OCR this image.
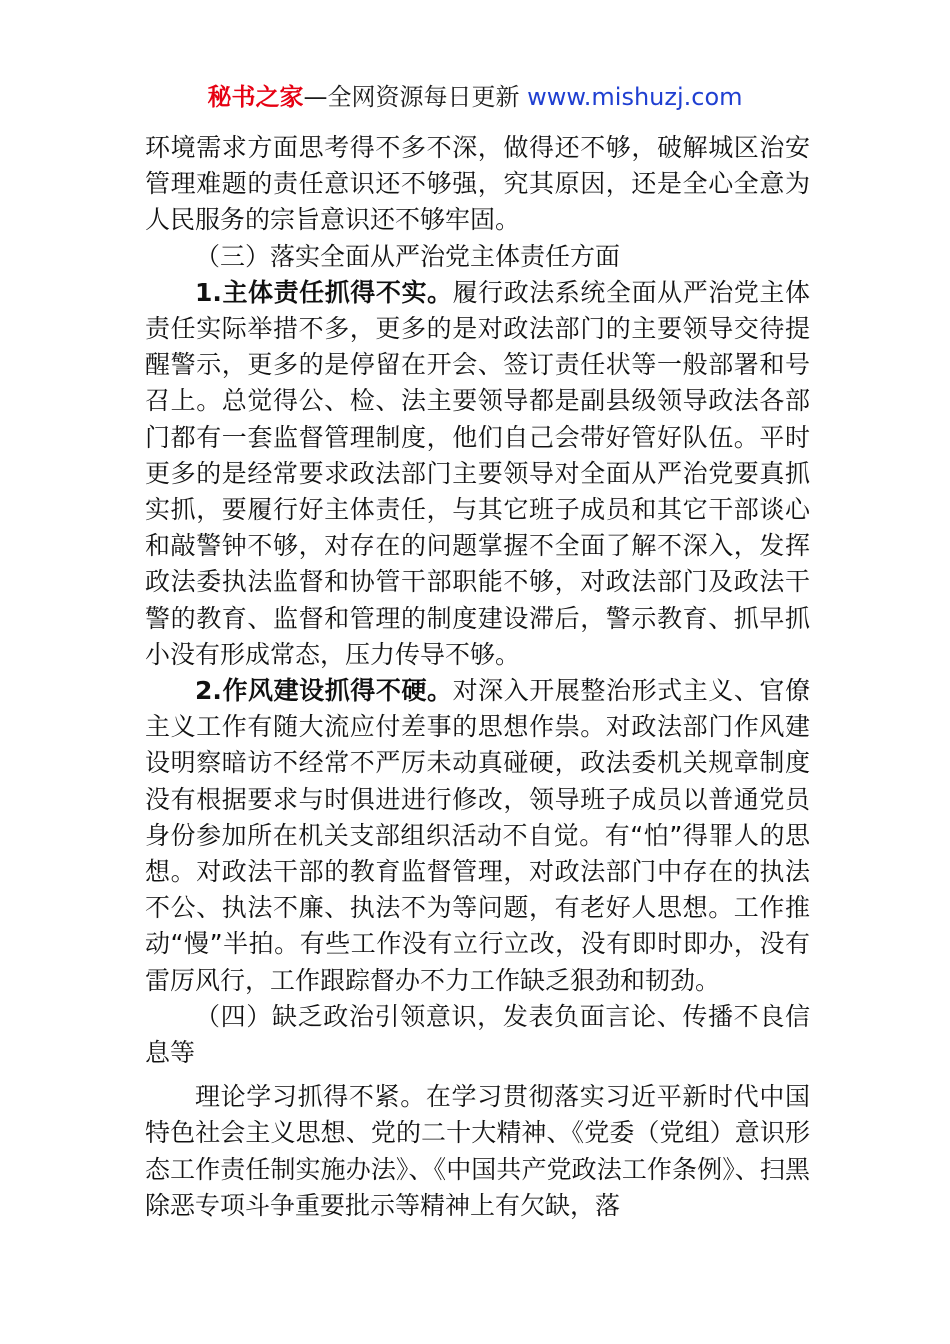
秘书之家—全网资源每日更新 www.mishuzj.com

环境需求方面思考得不多不深，做得还不够，破解城区治安管理难题的责任意识还不够强，究其原因，还是全心全意为人民服务的宗旨意识还不够牢固。

（三）落实全面从严治党主体责任方面

1.主体责任抓得不实。履行政法系统全面从严治党主体责任实际举措不多，更多的是对政法部门的主要领导交待提醒警示，更多的是停留在开会、签订责任状等一般部署和号召上。总觉得公、检、法主要领导都是副县级领导政法各部门都有一套监督管理制度，他们自己会带好管好队伍。平时更多的是经常要求政法部门主要领导对全面从严治党要真抓实抓，要履行好主体责任，与其它班子成员和其它干部谈心和敲警钟不够，对存在的问题掌握不全面了解不深入，发挥政法委执法监督和协管干部职能不够，对政法部门及政法干警的教育、监督和管理的制度建设滞后，警示教育、抓早抓小没有形成常态，压力传导不够。

2.作风建设抓得不硬。对深入开展整治形式主义、官僚主义工作有随大流应付差事的思想作祟。对政法部门作风建设明察暗访不经常不严厉未动真碰硬，政法委机关规章制度没有根据要求与时俱进进行修改，领导班子成员以普通党员身份参加所在机关支部组织活动不自觉。有“怕”得罪人的思想。对政法干部的教育监督管理，对政法部门中存在的执法不公、执法不廉、执法不为等问题，有老好人思想。工作推动“慢”半拍。有些工作没有立行立改，没有即时即办，没有雷厉风行，工作跟踪督办不力工作缺乏狠劲和韧劲。

（四）缺乏政治引领意识，发表负面言论、传播不良信息等

理论学习抓得不紧。在学习贯彻落实习近平新时代中国特色社会主义思想、党的二十大精神、《党委（党组）意识形态工作责任制实施办法》、《中国共产党政法工作条例》、扫黑除恶专项斗争重要批示等精神上有欠缺，落
